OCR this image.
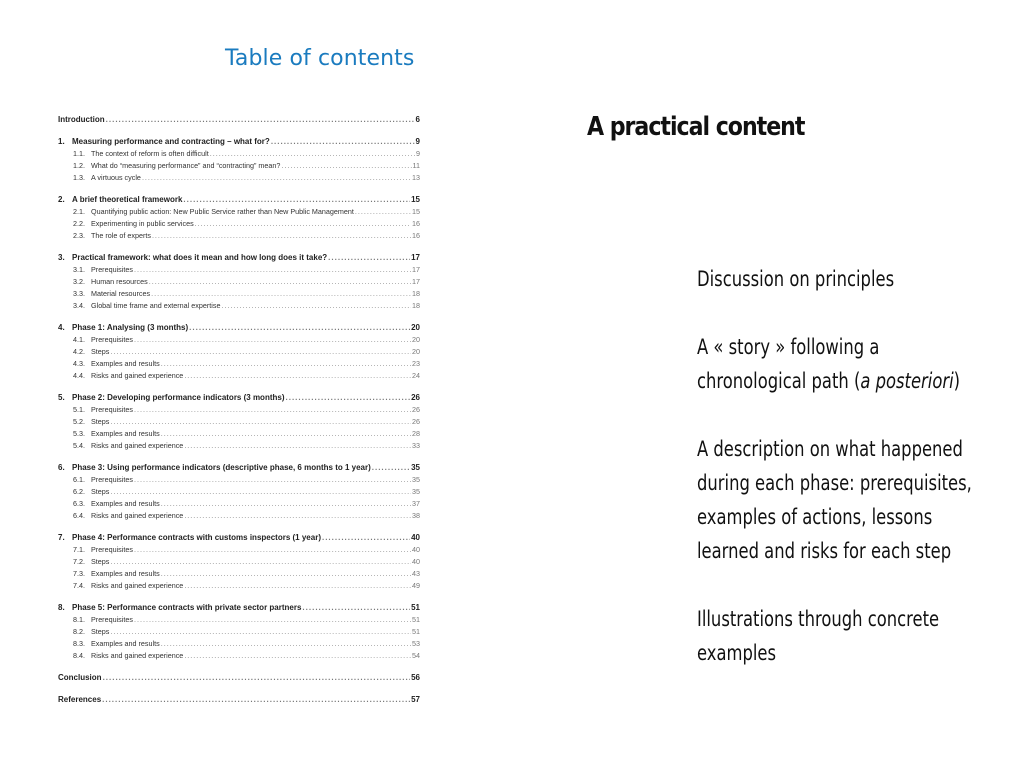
Table of contents
Introduction .....	6
1. Measuring performance and contracting – what for? .....	9
1.1. The context of reform is often difficult .....	9
1.2. What do “measuring performance” and “contracting” mean? .....	11
1.3. A virtuous cycle .....	13
2. A brief theoretical framework .....	15
2.1. Quantifying public action: New Public Service rather than New Public Management .....	15
2.2. Experimenting in public services .....	16
2.3. The role of experts .....	16
3. Practical framework: what does it mean and how long does it take? .....	17
3.1. Prerequisites .....	17
3.2. Human resources .....	17
3.3. Material resources .....	18
3.4. Global time frame and external expertise .....	18
4. Phase 1: Analysing (3 months) .....	20
4.1. Prerequisites .....	20
4.2. Steps .....	20
4.3. Examples and results .....	23
4.4. Risks and gained experience .....	24
5. Phase 2: Developing performance indicators (3 months) .....	26
5.1. Prerequisites .....	26
5.2. Steps .....	26
5.3. Examples and results .....	28
5.4. Risks and gained experience .....	33
6. Phase 3: Using performance indicators (descriptive phase, 6 months to 1 year) .....	35
6.1. Prerequisites .....	35
6.2. Steps .....	35
6.3. Examples and results .....	37
6.4. Risks and gained experience .....	38
7. Phase 4: Performance contracts with customs inspectors (1 year) .....	40
7.1. Prerequisites .....	40
7.2. Steps .....	40
7.3. Examples and results .....	43
7.4. Risks and gained experience .....	49
8. Phase 5: Performance contracts with private sector partners .....	51
8.1. Prerequisites .....	51
8.2. Steps .....	51
8.3. Examples and results .....	53
8.4. Risks and gained experience .....	54
Conclusion .....	56
References .....	57
A practical content

Discussion on principles

A « story » following a chronological path (a posteriori)

A description on what happened during each phase: prerequisites, examples of actions, lessons learned and risks for each step

Illustrations through concrete examples
